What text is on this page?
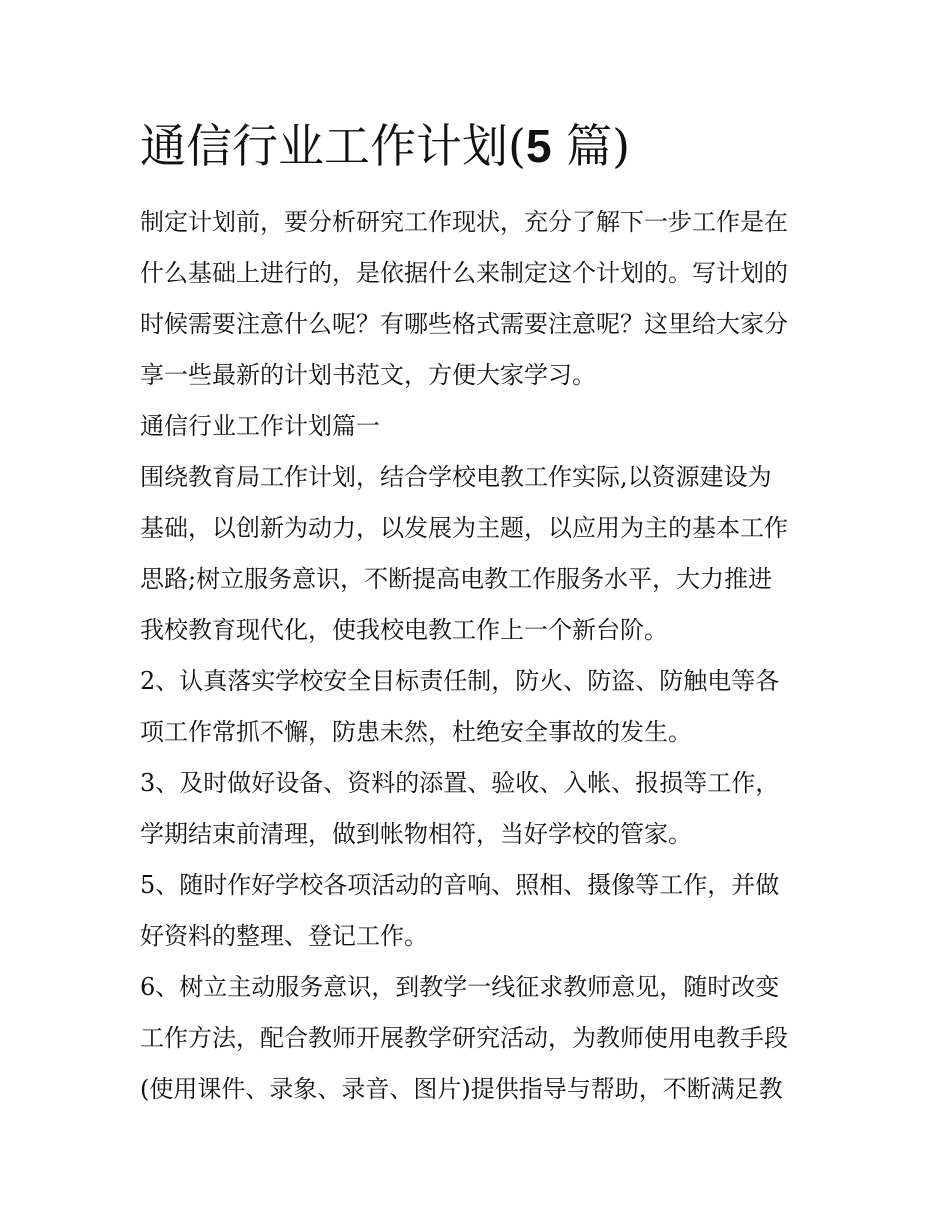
通信行业工作计划(5 篇)
制定计划前，要分析研究工作现状，充分了解下一步工作是在
什么基础上进行的，是依据什么来制定这个计划的。写计划的
时候需要注意什么呢？有哪些格式需要注意呢？这里给大家分
享一些最新的计划书范文，方便大家学习。
通信行业工作计划篇一
围绕教育局工作计划，结合学校电教工作实际,以资源建设为
基础，以创新为动力，以发展为主题，以应用为主的基本工作
思路;树立服务意识，不断提高电教工作服务水平，大力推进
我校教育现代化，使我校电教工作上一个新台阶。
2、认真落实学校安全目标责任制，防火、防盗、防触电等各
项工作常抓不懈，防患未然，杜绝安全事故的发生。
3、及时做好设备、资料的添置、验收、入帐、报损等工作，
学期结束前清理，做到帐物相符，当好学校的管家。
5、随时作好学校各项活动的音响、照相、摄像等工作，并做
好资料的整理、登记工作。
6、树立主动服务意识，到教学一线征求教师意见，随时改变
工作方法，配合教师开展教学研究活动，为教师使用电教手段
(使用课件、录象、录音、图片)提供指导与帮助，不断满足教
